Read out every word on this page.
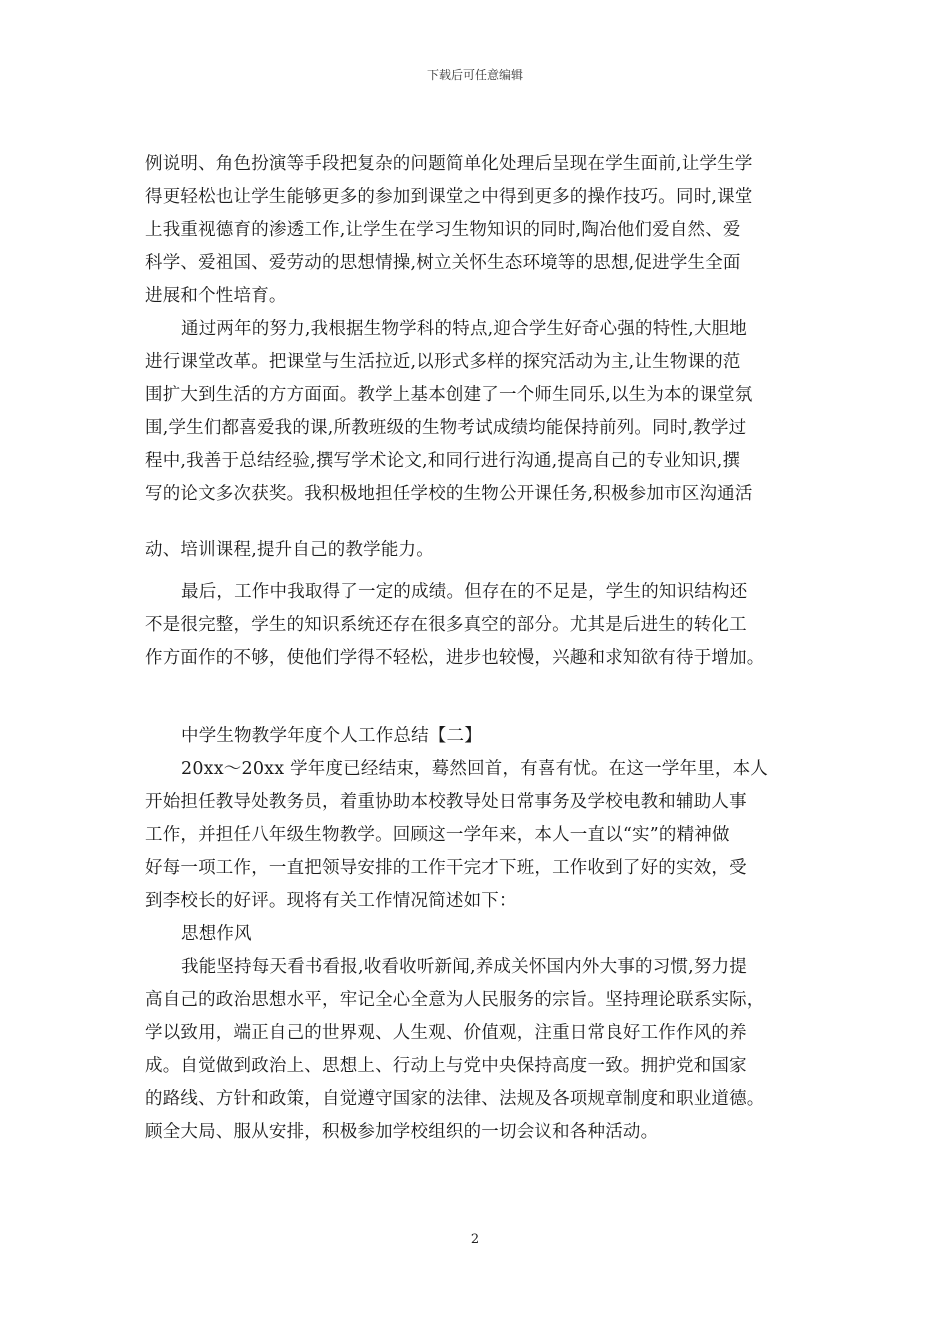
下载后可任意编辑
例说明、角色扮演等手段把复杂的问题简单化处理后呈现在学生面前,让学生学
得更轻松也让学生能够更多的参加到课堂之中得到更多的操作技巧。同时,课堂
上我重视德育的渗透工作,让学生在学习生物知识的同时,陶冶他们爱自然、爱
科学、爱祖国、爱劳动的思想情操,树立关怀生态环境等的思想,促进学生全面
进展和个性培育。
通过两年的努力,我根据生物学科的特点,迎合学生好奇心强的特性,大胆地
进行课堂改革。把课堂与生活拉近,以形式多样的探究活动为主,让生物课的范
围扩大到生活的方方面面。教学上基本创建了一个师生同乐,以生为本的课堂氛
围,学生们都喜爱我的课,所教班级的生物考试成绩均能保持前列。同时,教学过
程中,我善于总结经验,撰写学术论文,和同行进行沟通,提高自己的专业知识,撰
写的论文多次获奖。我积极地担任学校的生物公开课任务,积极参加市区沟通活
动、培训课程,提升自己的教学能力。
最后，工作中我取得了一定的成绩。但存在的不足是，学生的知识结构还
不是很完整，学生的知识系统还存在很多真空的部分。尤其是后进生的转化工
作方面作的不够，使他们学得不轻松，进步也较慢，兴趣和求知欲有待于增加。
中学生物教学年度个人工作总结【二】
20xx～20xx 学年度已经结束，蓦然回首，有喜有忧。在这一学年里，本人
开始担任教导处教务员，着重协助本校教导处日常事务及学校电教和辅助人事
工作，并担任八年级生物教学。回顾这一学年来，本人一直以“实”的精神做
好每一项工作，一直把领导安排的工作干完才下班，工作收到了好的实效，受
到李校长的好评。现将有关工作情况简述如下：
思想作风
我能坚持每天看书看报,收看收听新闻,养成关怀国内外大事的习惯,努力提
高自己的政治思想水平，牢记全心全意为人民服务的宗旨。坚持理论联系实际，
学以致用，端正自己的世界观、人生观、价值观，注重日常良好工作作风的养
成。自觉做到政治上、思想上、行动上与党中央保持高度一致。拥护党和国家
的路线、方针和政策，自觉遵守国家的法律、法规及各项规章制度和职业道德。
顾全大局、服从安排，积极参加学校组织的一切会议和各种活动。
2
